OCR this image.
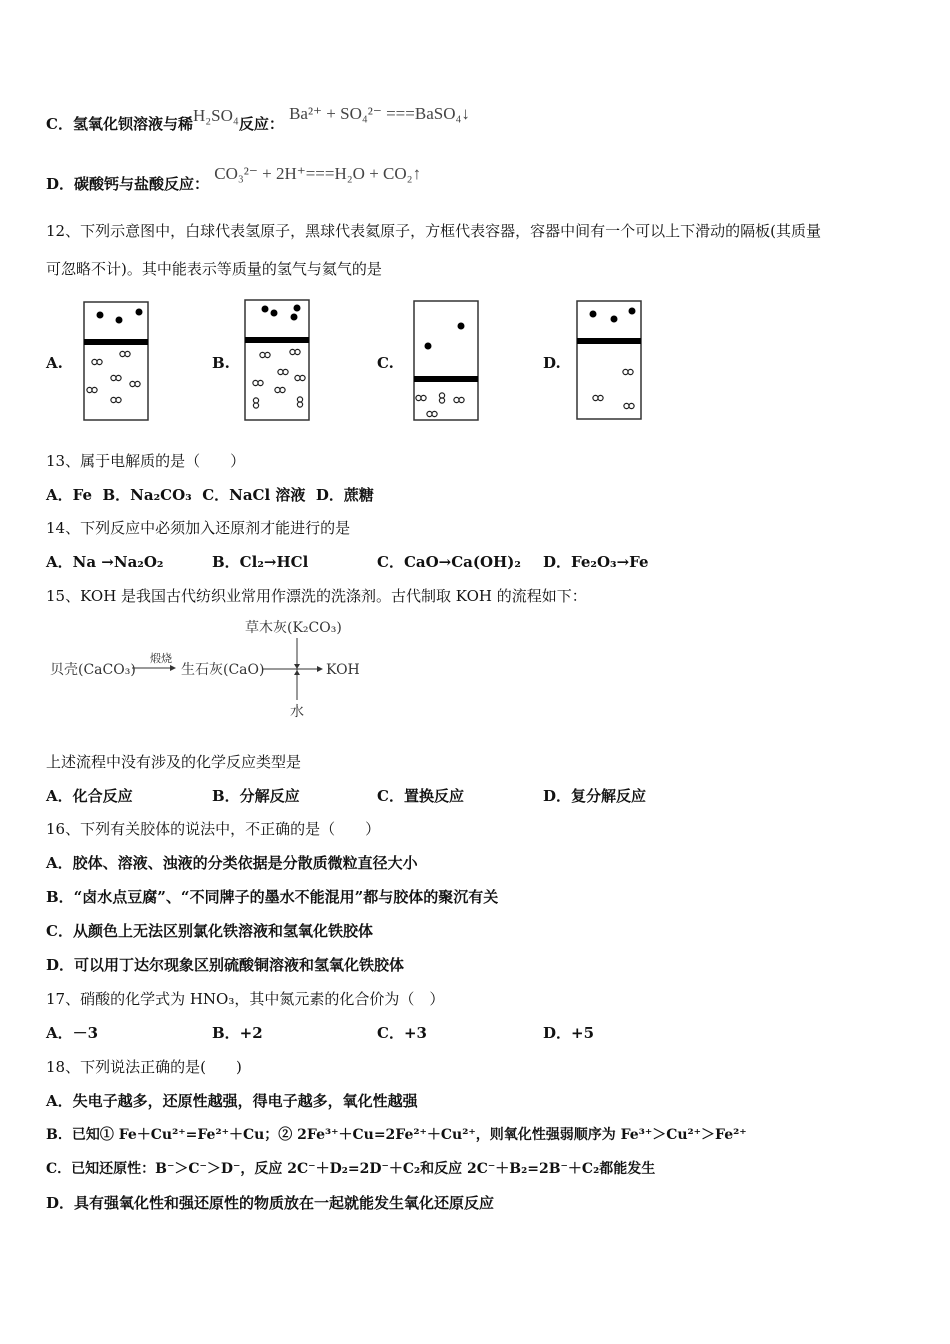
C．氢氧化钡溶液与稀H₂SO₄反应： Ba²⁺ + SO₄²⁻ ===BaSO₄↓
D．碳酸钙与盐酸反应： CO₃²⁻ + 2H⁺===H₂O + CO₂↑
12、下列示意图中，白球代表氢原子，黑球代表氦原子，方框代表容器，容器中间有一个可以上下滑动的隔板(其质量
可忽略不计)。其中能表示等质量的氢气与氦气的是
A.	B.	C.	D.
13、属于电解质的是（　　）
A．Fe B．Na₂CO₃ C．NaCl 溶液 D．蔗糖
14、下列反应中必须加入还原剂才能进行的是
A．Na →Na₂O₂	B．Cl₂→HCl	C．CaO→Ca(OH)₂ D．Fe₂O₃→Fe
15、KOH 是我国古代纺织业常用作漂洗的洗涤剂。古代制取 KOH 的流程如下：
贝壳(CaCO₃)
煅烧
生石灰(CaO)	KOH
草木灰(K₂CO₃)
水
上述流程中没有涉及的化学反应类型是
A．化合反应	B．分解反应	C．置换反应	D．复分解反应
16、下列有关胶体的说法中，不正确的是（　　）
A．胶体、溶液、浊液的分类依据是分散质微粒直径大小
B．“卤水点豆腐”、“不同牌子的墨水不能混用”都与胶体的聚沉有关
C．从颜色上无法区别氯化铁溶液和氢氧化铁胶体
D．可以用丁达尔现象区别硫酸铜溶液和氢氧化铁胶体
17、硝酸的化学式为 HNO₃，其中氮元素的化合价为（　）
A．－3	B．+2	C．+3	D．+5
18、下列说法正确的是(　　)
A．失电子越多，还原性越强，得电子越多，氧化性越强
B．已知① Fe＋Cu²⁺=Fe²⁺＋Cu；② 2Fe³⁺＋Cu=2Fe²⁺＋Cu²⁺，则氧化性强弱顺序为 Fe³⁺＞Cu²⁺＞Fe²⁺
C．已知还原性：B⁻＞C⁻＞D⁻，反应 2C⁻＋D₂=2D⁻＋C₂和反应 2C⁻＋B₂=2B⁻＋C₂都能发生
D．具有强氧化性和强还原性的物质放在一起就能发生氧化还原反应
